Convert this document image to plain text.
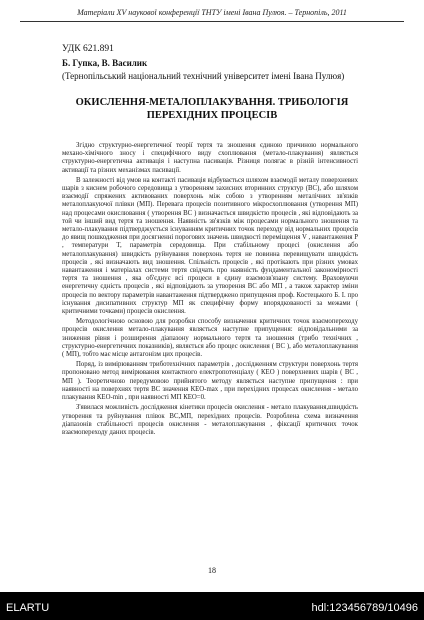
Матеріали XV наукової конференції ТНТУ імені Івана Пулюя. – Тернопіль, 2011
УДК 621.891
Б. Гупка, В. Василик
(Тернопільський національний технічний університет імені Івана Пулюя)
ОКИСЛЕННЯ-МЕТАЛОПЛАКУВАННЯ. ТРИБОЛОГІЯ
ПЕРЕХІДНИХ ПРОЦЕСІВ

Згідно структурно-енергетичної теорії тертя та зношення єдиною причиною нормального механо-хімічного зносу і специфічного виду схоплювання (метало-плакування) являється структурно-енергетична активація і наступна пасивація. Різниця полягає в різній інтенсивності активації та різних механізмах пасивації.

В залежності від умов на контакті пасивація відбувається шляхом взаємодії металу поверхневих шарів з киснем робочого середовища з утворенням захисних вторинних структур (ВС), або шляхом взаємодії спряжених активованих поверхонь між собою з утворенням металічних зв'язків металоплакуючої плівки (МП). Перевага процесів позитивного мікросхоплювання (утворення МП) над процесами окислювання ( утворення ВС ) визначається швидкістю процесів , які відповідають за той чи інший вид тертя та зношення. Наявність зв'язків між процесами нормального зношення та метало-плакування підтверджується існуванням критичних точок переходу від нормальних процесів до явищ пошкодження при досягненні порогових значень швидкості переміщення V , навантаження P , температури T, параметрів середовища. При стабільному процесі (окислення або металоплакування) швидкість руйнування поверхонь тертя не повинна перевищувати швидкість процесів , які визначають вид зношення. Спільність процесів , які протікають при різних умовах навантаження і матеріалах системи тертя свідчать про наявність фундаментальної закономірності тертя та зношення , яка об'єднує всі процеси в єдину взаємозв'язану систему. Враховуючи енергетичну єдність процесів , які відповідають за утворення ВС або МП , а також характер зміни процесів по вектору параметрів навантаження підтверджено припущення проф. Костецького Б. І. про існування дисипативних структур МП як специфічну форму впорядкованості за межами ( критичними точками) процесів окислення.

Методологічною основою для розробки способу визначення критичних точок взаємопереходу процесів окислення метало-плакування являється наступне припущення: відповідальними за зниження рівня і розширення діапазону нормального тертя та зношення (трибо технічних , структурно-енергетичних показників), являється або процес окислення ( ВС ), або металоплакування ( МП), тобто має місце антагонізм цих процесів.

Поряд, із вимірюванням триботехнічних параметрів , дослідженням структури поверхонь тертя пропоновано метод вимірювання контактного електропотенціалу ( КЕО ) поверхневих шарів ( ВС , МП ). Теоретичною передумовою прийнятого методу являється наступне припущення : при наявності на поверхнях тертя ВС значення КЕО-max , при перехідних процесах окислення - метало плакування КЕО-min , при наявності МП КЕО=0.

З'явилася можливість дослідження кінетики процесів окислення - метало плакування,швидкість утворення та руйнування плівок ВС,МП, перехідних процесів. Розроблена схема визначення діапазонів стабільності процесів окислення - металоплакування , фіксації критичних точок взаємопереходу даних процесів.

18
ELARTU	hdl:123456789/10496
